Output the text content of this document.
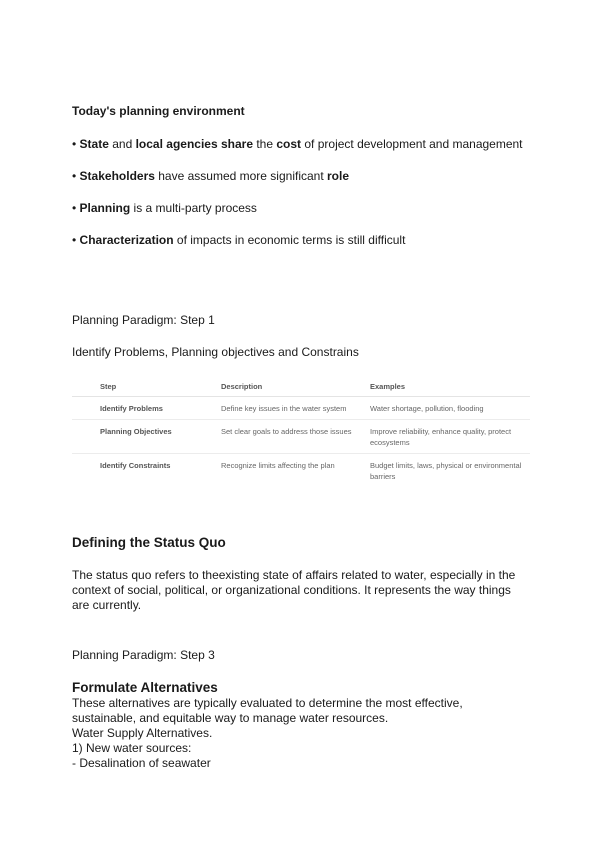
Today's planning environment
• State and local agencies share the cost of project development and management
• Stakeholders have assumed more significant role
• Planning is a multi-party process
• Characterization of impacts in economic terms is still difficult
Planning Paradigm: Step 1
Identify Problems, Planning objectives and Constrains
Step	Description	Examples
Identify Problems	Define key issues in the water system	Water shortage, pollution, flooding
Planning Objectives	Set clear goals to address those issues	Improve reliability, enhance quality, protect ecosystems
Identify Constraints	Recognize limits affecting the plan	Budget limits, laws, physical or environmental barriers
Defining the Status Quo

The status quo refers to theexisting state of affairs related to water, especially in the

context of social, political, or organizational conditions. It represents the way things

are currently.

Planning Paradigm: Step 3
Formulate Alternatives

These alternatives are typically evaluated to determine the most effective,

sustainable, and equitable way to manage water resources.

Water Supply Alternatives.

1) New water sources:

- Desalination of seawater
